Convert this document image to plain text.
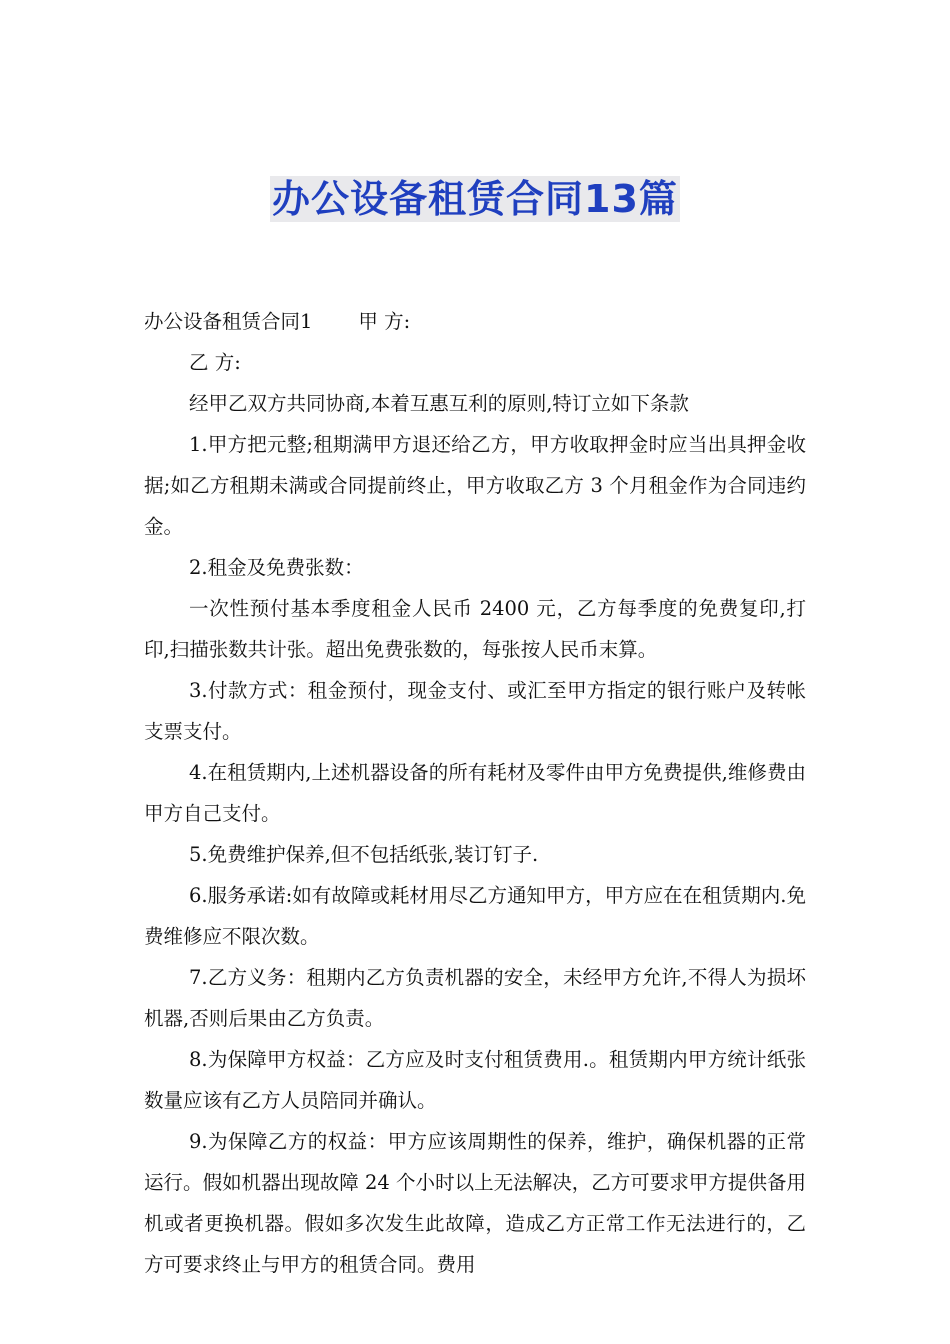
办公设备租赁合同13篇

办公设备租赁合同1 甲 方:

乙 方:

经甲乙双方共同协商,本着互惠互利的原则,特订立如下条款

1.甲方把元整;租期满甲方退还给乙方，甲方收取押金时应当出具押金收据;如乙方租期未满或合同提前终止，甲方收取乙方 3 个月租金作为合同违约金。

2.租金及免费张数：

一次性预付基本季度租金人民币 2400 元，乙方每季度的免费复印,打印,扫描张数共计张。超出免费张数的，每张按人民币末算。

3.付款方式：租金预付，现金支付、或汇至甲方指定的银行账户及转帐支票支付。

4.在租赁期内,上述机器设备的所有耗材及零件由甲方免费提供,维修费由甲方自己支付。

5.免费维护保养,但不包括纸张,装订钉子.

6.服务承诺:如有故障或耗材用尽乙方通知甲方，甲方应在在租赁期内.免费维修应不限次数。

7.乙方义务：租期内乙方负责机器的安全，未经甲方允许,不得人为损坏机器,否则后果由乙方负责。

8.为保障甲方权益：乙方应及时支付租赁费用.。租赁期内甲方统计纸张数量应该有乙方人员陪同并确认。

9.为保障乙方的权益：甲方应该周期性的保养，维护，确保机器的正常运行。假如机器出现故障 24 个小时以上无法解决，乙方可要求甲方提供备用机或者更换机器。假如多次发生此故障，造成乙方正常工作无法进行的，乙方可要求终止与甲方的租赁合同。费用
